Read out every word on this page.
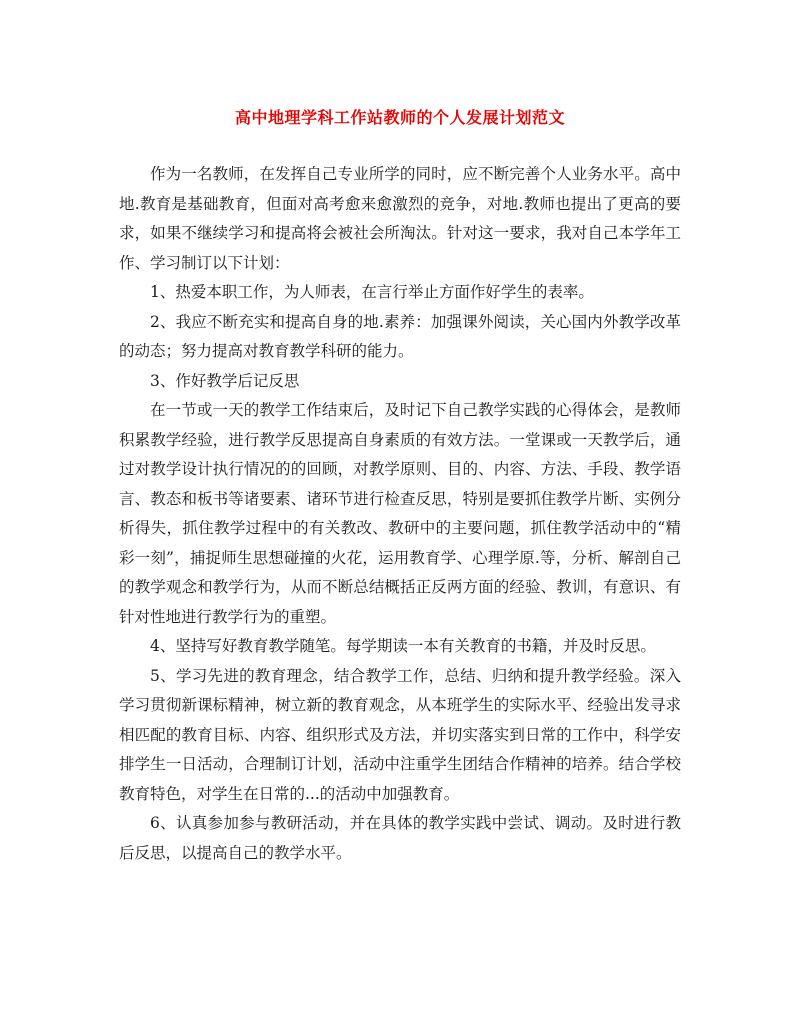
高中地理学科工作站教师的个人发展计划范文

作为一名教师，在发挥自己专业所学的同时，应不断完善个人业务水平。高中地.教育是基础教育，但面对高考愈来愈激烈的竞争，对地.教师也提出了更高的要求，如果不继续学习和提高将会被社会所淘汰。针对这一要求，我对自己本学年工作、学习制订以下计划：

1、热爱本职工作，为人师表，在言行举止方面作好学生的表率。

2、我应不断充实和提高自身的地.素养：加强课外阅读，关心国内外教学改革的动态；努力提高对教育教学科研的能力。

3、作好教学后记反思

在一节或一天的教学工作结束后，及时记下自己教学实践的心得体会，是教师积累教学经验，进行教学反思提高自身素质的有效方法。一堂课或一天教学后，通过对教学设计执行情况的的回顾，对教学原则、目的、内容、方法、手段、教学语言、教态和板书等诸要素、诸环节进行检查反思，特别是要抓住教学片断、实例分析得失，抓住教学过程中的有关教改、教研中的主要问题，抓住教学活动中的“精彩一刻”，捕捉师生思想碰撞的火花，运用教育学、心理学原.等，分析、解剖自己的教学观念和教学行为，从而不断总结概括正反两方面的经验、教训，有意识、有针对性地进行教学行为的重塑。

4、坚持写好教育教学随笔。每学期读一本有关教育的书籍，并及时反思。

5、学习先进的教育理念，结合教学工作，总结、归纳和提升教学经验。深入学习贯彻新课标精神，树立新的教育观念，从本班学生的实际水平、经验出发寻求相匹配的教育目标、内容、组织形式及方法，并切实落实到日常的工作中，科学安排学生一日活动，合理制订计划，活动中注重学生团结合作精神的培养。结合学校教育特色，对学生在日常的...的活动中加强教育。

6、认真参加参与教研活动，并在具体的教学实践中尝试、调动。及时进行教后反思，以提高自己的教学水平。
